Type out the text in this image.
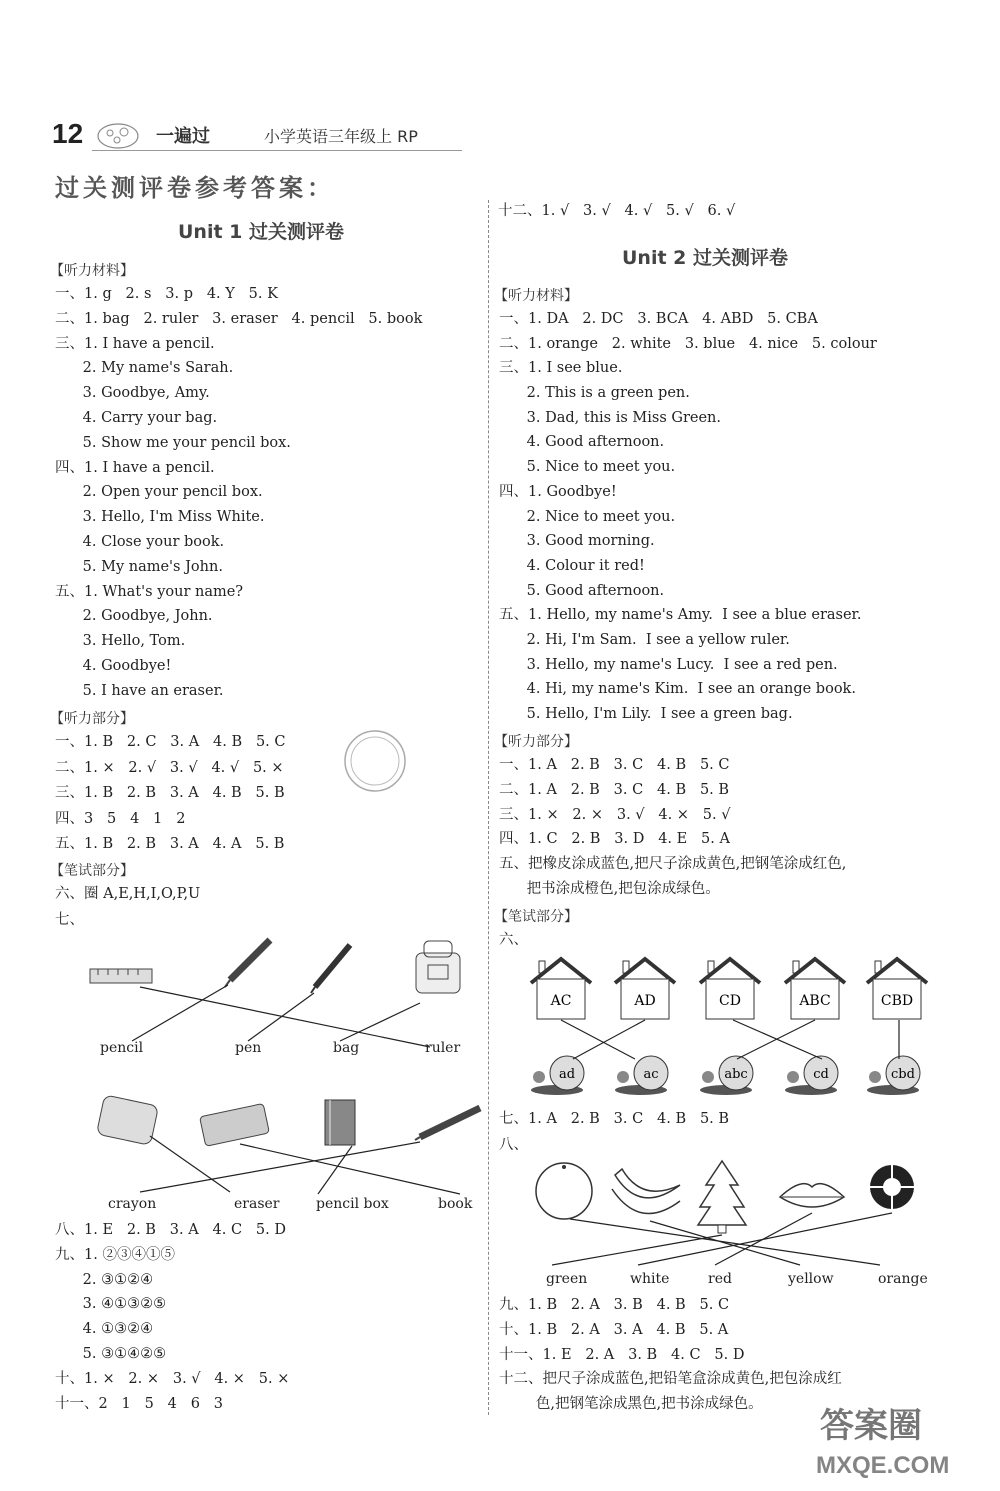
12	一遍过	小学英语三年级上 RP
过关测评卷参考答案：
Unit 1 过关测评卷
【听力材料】
一、1. g   2. s   3. p   4. Y   5. K
二、1. bag   2. ruler   3. eraser   4. pencil   5. book
三、1. I have a pencil.
2. My name's Sarah.
3. Goodbye, Amy.
4. Carry your bag.
5. Show me your pencil box.
四、1. I have a pencil.
2. Open your pencil box.
3. Hello, I'm Miss White.
4. Close your book.
5. My name's John.
五、1. What's your name?
2. Goodbye, John.
3. Hello, Tom.
4. Goodbye!
5. I have an eraser.
【听力部分】
一、1. B   2. C   3. A   4. B   5. C
二、1. ×   2. √   3. √   4. √   5. ×
三、1. B   2. B   3. A   4. B   5. B
四、3   5   4   1   2
五、1. B   2. B   3. A   4. A   5. B
【笔试部分】
六、圈 A,E,H,I,O,P,U
七、
pencil	pen	bag	ruler
crayon	eraser	pencil box	book
八、1. E   2. B   3. A   4. C   5. D
九、1. ②③④①⑤
2. ③①②④
3. ④①③②⑤
4. ①③②④
5. ③①④②⑤
十、1. ×   2. ×   3. √   4. ×   5. ×
十一、2   1   5   4   6   3
十二、1. √   3. √   4. √   5. √   6. √
Unit 2 过关测评卷
【听力材料】
一、1. DA   2. DC   3. BCA   4. ABD   5. CBA
二、1. orange   2. white   3. blue   4. nice   5. colour
三、1. I see blue.
2. This is a green pen.
3. Dad, this is Miss Green.
4. Good afternoon.
5. Nice to meet you.
四、1. Goodbye!
2. Nice to meet you.
3. Good morning.
4. Colour it red!
5. Good afternoon.
五、1. Hello, my name's Amy.  I see a blue eraser.
2. Hi, I'm Sam.  I see a yellow ruler.
3. Hello, my name's Lucy.  I see a red pen.
4. Hi, my name's Kim.  I see an orange book.
5. Hello, I'm Lily.  I see a green bag.
【听力部分】
一、1. A   2. B   3. C   4. B   5. C
二、1. A   2. B   3. C   4. B   5. B
三、1. ×   2. ×   3. √   4. ×   5. √
四、1. C   2. B   3. D   4. E   5. A
五、把橡皮涂成蓝色,把尺子涂成黄色,把钢笔涂成红色,
把书涂成橙色,把包涂成绿色。
【笔试部分】
六、
AC
ad
AD
ac
CD
abc
ABC
cd
CBD
cbd
七、1. A   2. B   3. C   4. B   5. B
八、
green	white	red	yellow	orange
九、1. B   2. A   3. B   4. B   5. C
十、1. B   2. A   3. A   4. B   5. A
十一、1. E   2. A   3. B   4. C   5. D
十二、把尺子涂成蓝色,把铅笔盒涂成黄色,把包涂成红
色,把钢笔涂成黑色,把书涂成绿色。
答案圈
MXQE.COM
